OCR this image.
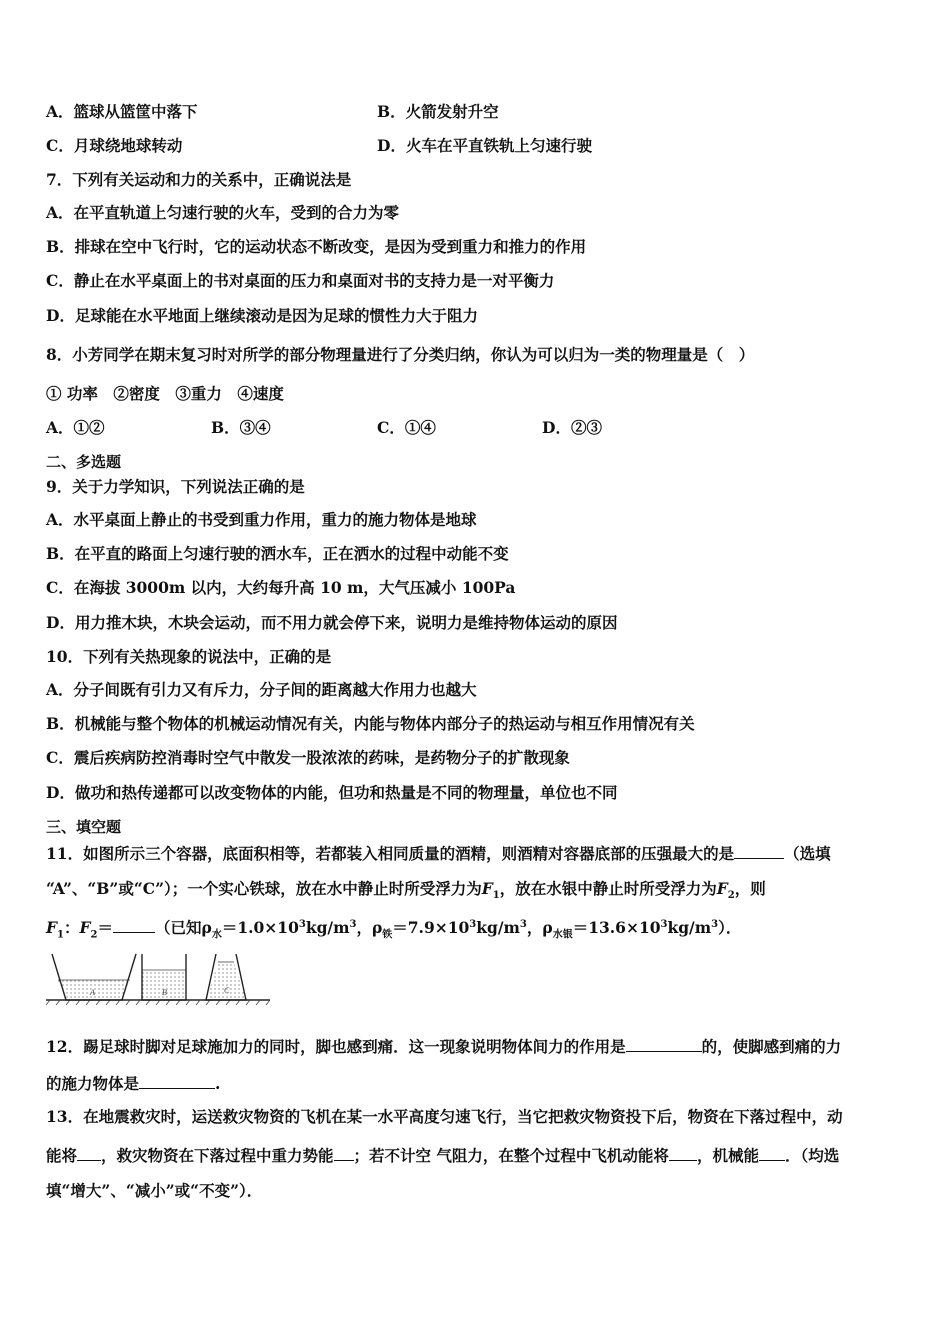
A．篮球从篮筐中落下	B．火箭发射升空
C．月球绕地球转动	D．火车在平直铁轨上匀速行驶
7．下列有关运动和力的关系中，正确说法是
A．在平直轨道上匀速行驶的火车，受到的合力为零
B．排球在空中飞行时，它的运动状态不断改变，是因为受到重力和推力的作用
C．静止在水平桌面上的书对桌面的压力和桌面对书的支持力是一对平衡力
D．足球能在水平地面上继续滚动是因为足球的惯性力大于阻力
8．小芳同学在期末复习时对所学的部分物理量进行了分类归纳，你认为可以归为一类的物理量是（　）
① 功率　②密度　③重力　④速度
A．①②	B．③④	C．①④	D．②③
二、多选题
9．关于力学知识，下列说法正确的是
A．水平桌面上静止的书受到重力作用，重力的施力物体是地球
B．在平直的路面上匀速行驶的洒水车，正在洒水的过程中动能不变
C．在海拔 3000m 以内，大约每升高 10 m，大气压减小 100Pa
D．用力推木块，木块会运动，而不用力就会停下来，说明力是维持物体运动的原因
10．下列有关热现象的说法中，正确的是
A．分子间既有引力又有斥力，分子间的距离越大作用力也越大
B．机械能与整个物体的机械运动情况有关，内能与物体内部分子的热运动与相互作用情况有关
C．震后疾病防控消毒时空气中散发一股浓浓的药味，是药物分子的扩散现象
D．做功和热传递都可以改变物体的内能，但功和热量是不同的物理量，单位也不同
三、填空题
11．如图所示三个容器，底面积相等，若都装入相同质量的酒精，则酒精对容器底部的压强最大的是	（选填
“A”、“B”或“C”）；一个实心铁球，放在水中静止时所受浮力为$F_1$，放在水银中静止时所受浮力为$F_2$，则
$F_1$：$F_2=$	（已知$\rho_水=1.0\times 10^3kg/m^3$，$\rho_铁=7.9\times 10^3kg/m^3$，$\rho_{水银}=13.6\times 10^3kg/m^3$）．
A	B	C
12．踢足球时脚对足球施加力的同时，脚也感到痛．这一现象说明物体间力的作用是	的，使脚感到痛的力
的施力物体是	.
13．在地震救灾时，运送救灾物资的飞机在某一水平高度匀速飞行，当它把救灾物资投下后，物资在下落过程中，动
能将 ，救灾物资在下落过程中重力势能 ；若不计空 气阻力，在整个过程中飞机动能将 ，机械能 ．（均选
填“增大”、“减小”或“不变”）．
